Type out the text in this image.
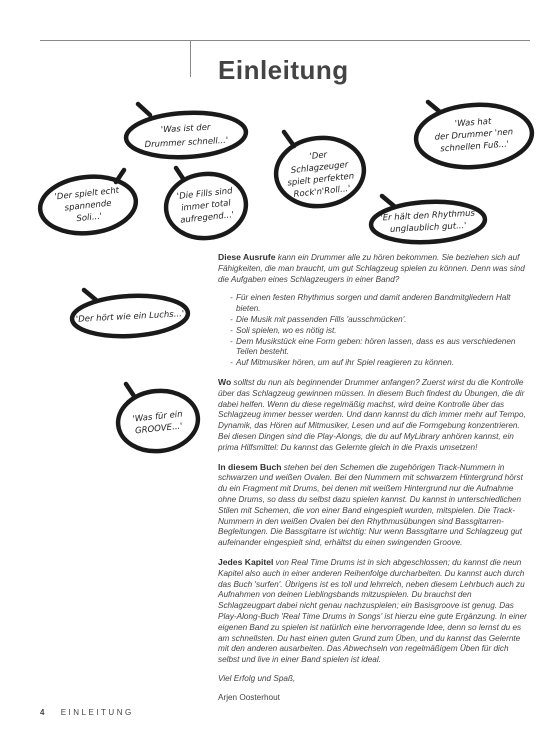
Einleitung
'Was ist derDrummer schnell...'
'Was hatder Drummer 'nenschnellen Fuß...'
'DerSchlagzeugerspielt perfektenRock'n'Roll...'
'Der spielt echtspannendeSoli...'
'Die Fills sindimmer totalaufregend...'	'Er hält den Rhythmusunglaublich gut...'
'Der hört wie ein Luchs...'
'Was für einGROOVE...'

Diese Ausrufe kann ein Drummer alle zu hören bekommen. Sie beziehen sich auf Fähigkeiten, die man braucht, um gut Schlagzeug spielen zu können. Denn was sind die Aufgaben eines Schlagzeugers in einer Band?

- Für einen festen Rhythmus sorgen und damit anderen Bandmitgliedern Halt bieten.
- Die Musik mit passenden Fills 'ausschmücken'.
- Soli spielen, wo es nötig ist.
- Dem Musikstück eine Form geben: hören lassen, dass es aus verschiedenen Teilen besteht.
- Auf Mitmusiker hören, um auf ihr Spiel reagieren zu können.

Wo solltst du nun als beginnender Drummer anfangen? Zuerst wirst du die Kontrolle über das Schlagzeug gewinnen müssen. In diesem Buch findest du Übungen, die dir dabei helfen. Wenn du diese regelmäßig machst, wird deine Kontrolle über das Schlagzeug immer besser werden. Und dann kannst du dich immer mehr auf Tempo, Dynamik, das Hören auf Mitmusiker, Lesen und auf die Formgebung konzentrieren. Bei diesen Dingen sind die Play-Alongs, die du auf MyLibrary anhören kannst, ein prima Hilfsmittel: Du kannst das Gelernte gleich in die Praxis umsetzen!

In diesem Buch stehen bei den Schemen die zugehörigen Track-Nummern in schwarzen und weißen Ovalen. Bei den Nummern mit schwarzem Hintergrund hörst du ein Fragment mit Drums, bei denen mit weißem Hintergrund nur die Aufnahme ohne Drums, so dass du selbst dazu spielen kannst. Du kannst in unterschiedlichen Stilen mit Schemen, die von einer Band eingespielt wurden, mitspielen. Die Track-Nummern in den weißen Ovalen bei den Rhythmusübungen sind Bassgitarren-Begleitungen. Die Bassgitarre ist wichtig: Nur wenn Bassgitarre und Schlagzeug gut aufeinander eingespielt sind, erhältst du einen swingenden Groove.

Jedes Kapitel von Real Time Drums ist in sich abgeschlossen; du kannst die neun Kapitel also auch in einer anderen Reihenfolge durcharbeiten. Du kannst auch durch das Buch 'surfen'. Übrigens ist es toll und lehrreich, neben diesem Lehrbuch auch zu Aufnahmen von deinen Lieblingsbands mitzuspielen. Du brauchst den Schlagzeugpart dabei nicht genau nachzuspielen; ein Basisgroove ist genug. Das Play-Along-Buch 'Real Time Drums in Songs' ist hierzu eine gute Ergänzung. In einer eigenen Band zu spielen ist natürlich eine hervorragende Idee, denn so lernst du es am schnellsten. Du hast einen guten Grund zum Üben, und du kannst das Gelernte mit den anderen ausarbeiten. Das Abwechseln von regelmäßigem Üben für dich selbst und live in einer Band spielen ist ideal.

Viel Erfolg und Spaß,

Arjen Oosterhout

4 EINLEITUNG
